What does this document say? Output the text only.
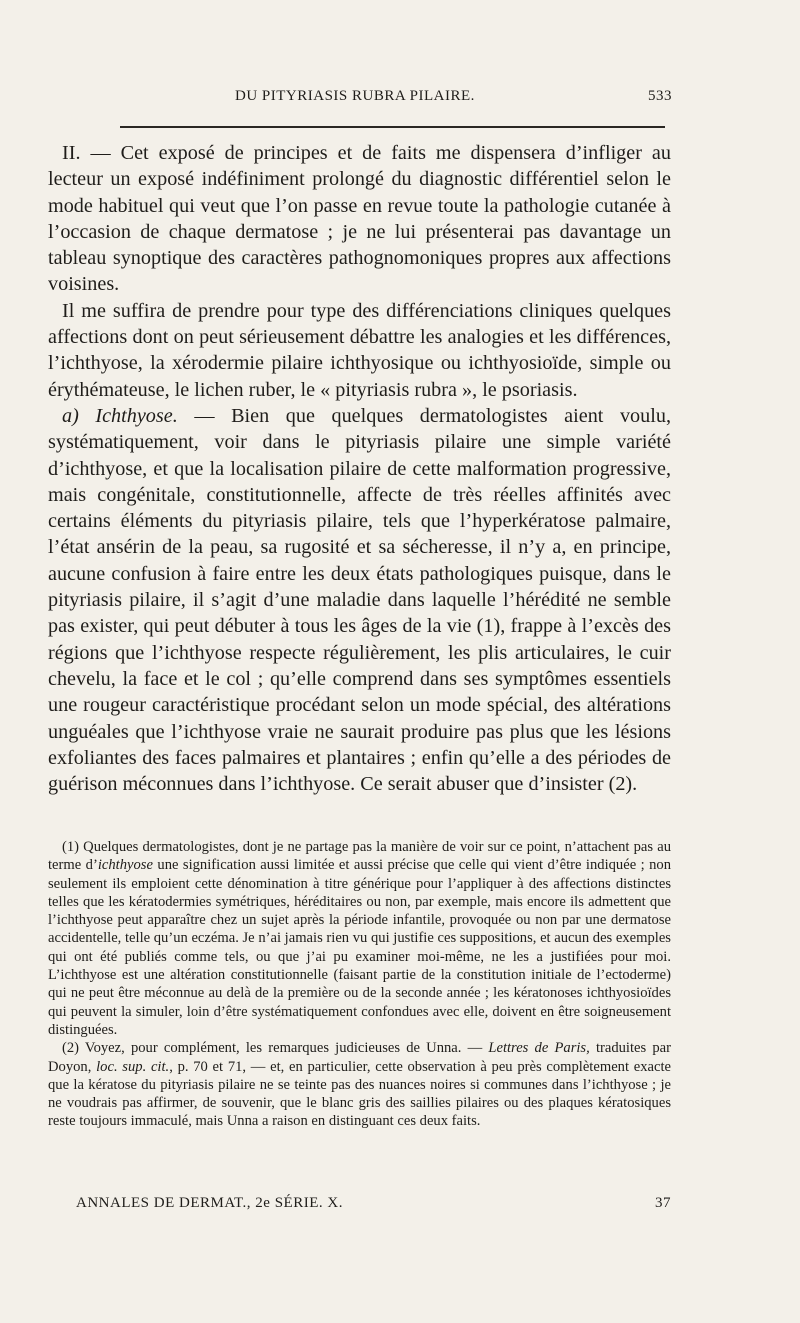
DU PITYRIASIS RUBRA PILAIRE.	533

II. — Cet exposé de principes et de faits me dispensera d’infliger au lecteur un exposé indéfiniment prolongé du diagnostic différentiel selon le mode habituel qui veut que l’on passe en revue toute la pathologie cutanée à l’occasion de chaque dermatose ; je ne lui présenterai pas davantage un tableau synoptique des caractères pathognomoniques propres aux affections voisines.

Il me suffira de prendre pour type des différenciations cliniques quelques affections dont on peut sérieusement débattre les analogies et les différences, l’ichthyose, la xérodermie pilaire ichthyosique ou ichthyosioïde, simple ou érythémateuse, le lichen ruber, le « pityriasis rubra », le psoriasis.

a) Ichthyose. — Bien que quelques dermatologistes aient voulu, systématiquement, voir dans le pityriasis pilaire une simple variété d’ichthyose, et que la localisation pilaire de cette malformation progressive, mais congénitale, constitutionnelle, affecte de très réelles affinités avec certains éléments du pityriasis pilaire, tels que l’hyperkératose palmaire, l’état ansérin de la peau, sa rugosité et sa sécheresse, il n’y a, en principe, aucune confusion à faire entre les deux états pathologiques puisque, dans le pityriasis pilaire, il s’agit d’une maladie dans laquelle l’hérédité ne semble pas exister, qui peut débuter à tous les âges de la vie (1), frappe à l’excès des régions que l’ichthyose respecte régulièrement, les plis articulaires, le cuir chevelu, la face et le col ; qu’elle comprend dans ses symptômes essentiels une rougeur caractéristique procédant selon un mode spécial, des altérations unguéales que l’ichthyose vraie ne saurait produire pas plus que les lésions exfoliantes des faces palmaires et plantaires ; enfin qu’elle a des périodes de guérison méconnues dans l’ichthyose. Ce serait abuser que d’insister (2).

(1) Quelques dermatologistes, dont je ne partage pas la manière de voir sur ce point, n’attachent pas au terme d’ichthyose une signification aussi limitée et aussi précise que celle qui vient d’être indiquée ; non seulement ils emploient cette dénomination à titre générique pour l’appliquer à des affections distinctes telles que les kératodermies symétriques, héréditaires ou non, par exemple, mais encore ils admettent que l’ichthyose peut apparaître chez un sujet après la période infantile, provoquée ou non par une dermatose accidentelle, telle qu’un eczéma. Je n’ai jamais rien vu qui justifie ces suppositions, et aucun des exemples qui ont été publiés comme tels, ou que j’ai pu examiner moi-même, ne les a justifiées pour moi. L’ichthyose est une altération constitutionnelle (faisant partie de la constitution initiale de l’ectoderme) qui ne peut être méconnue au delà de la première ou de la seconde année ; les kératonoses ichthyosioïdes qui peuvent la simuler, loin d’être systématiquement confondues avec elle, doivent en être soigneusement distinguées.

(2) Voyez, pour complément, les remarques judicieuses de Unna. — Lettres de Paris, traduites par Doyon, loc. sup. cit., p. 70 et 71, — et, en particulier, cette observation à peu près complètement exacte que la kératose du pityriasis pilaire ne se teinte pas des nuances noires si communes dans l’ichthyose ; je ne voudrais pas affirmer, de souvenir, que le blanc gris des saillies pilaires ou des plaques kératosiques reste toujours immaculé, mais Unna a raison en distinguant ces deux faits.

ANNALES DE DERMAT., 2e SÉRIE. X.	37
